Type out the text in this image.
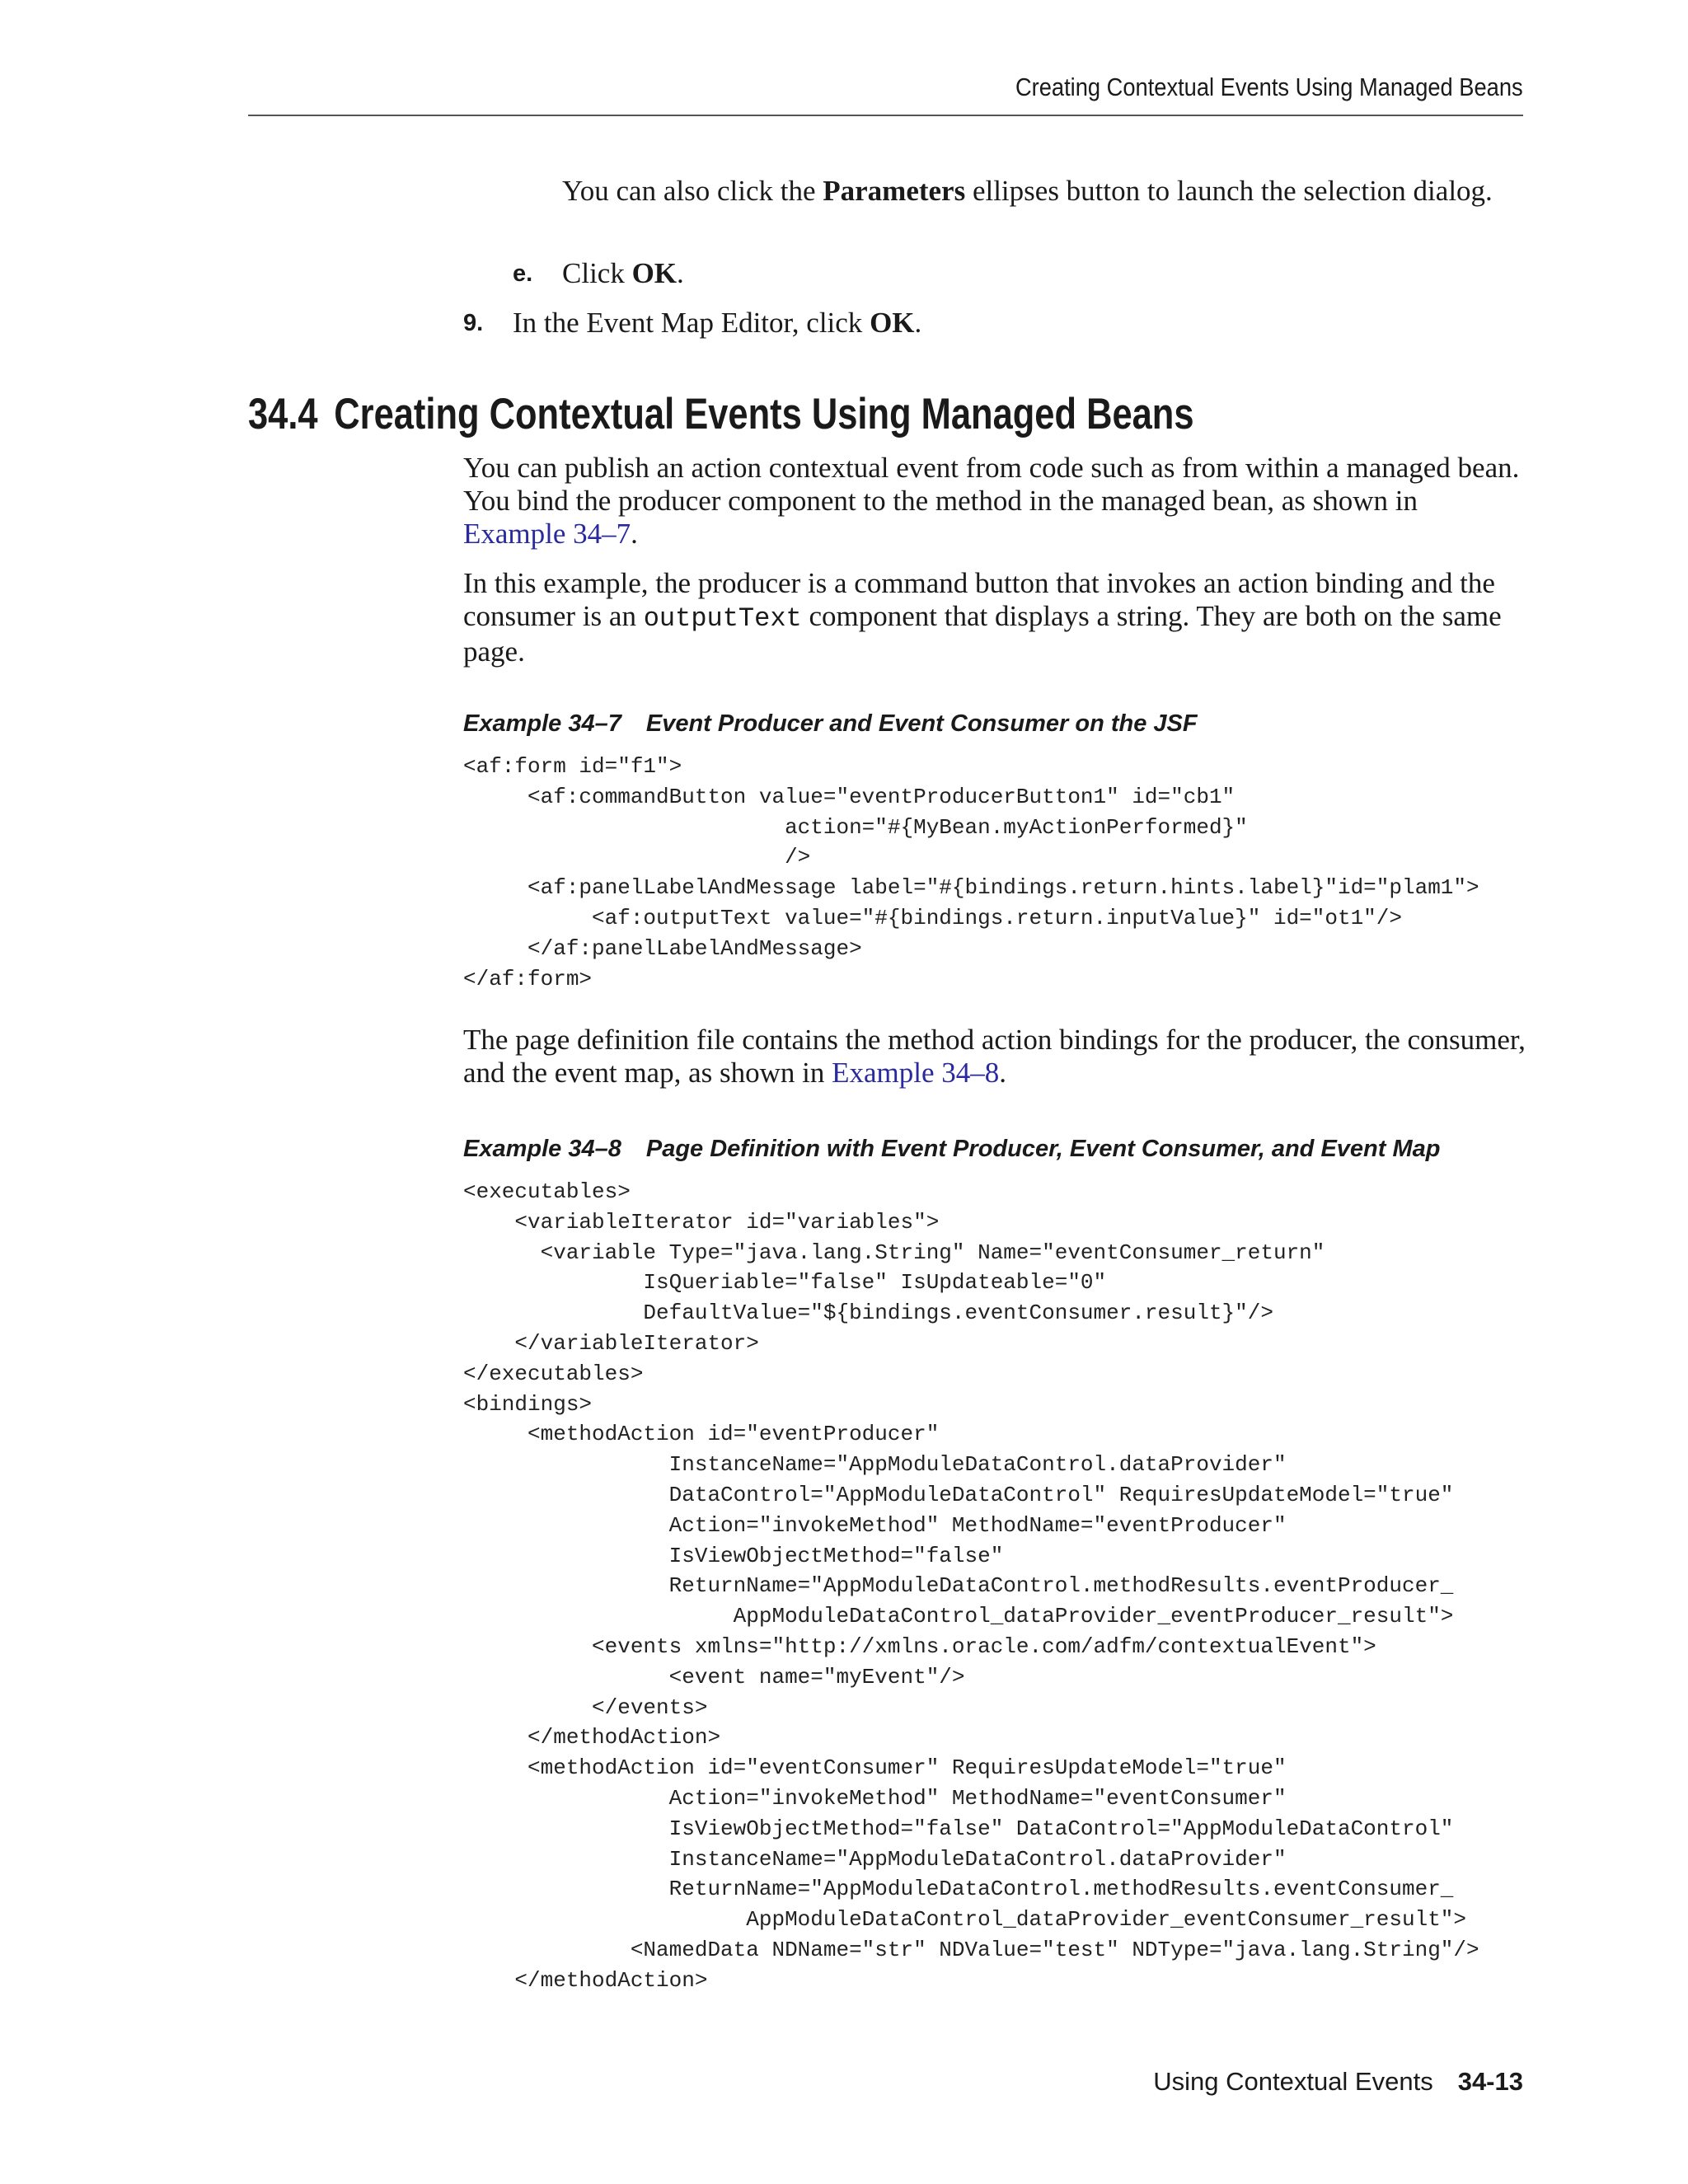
Creating Contextual Events Using Managed Beans

You can also click the Parameters ellipses button to launch the selection dialog.

e. Click OK.
9. In the Event Map Editor, click OK.
34.4 Creating Contextual Events Using Managed Beans

You can publish an action contextual event from code such as from within a managed bean. You bind the producer component to the method in the managed bean, as shown in Example 34–7.

In this example, the producer is a command button that invokes an action binding and the consumer is an outputText component that displays a string. They are both on the same page.

Example 34–7 Event Producer and Event Consumer on the JSF
<af:form id="f1">
<af:commandButton value="eventProducerButton1" id="cb1"
action="#{MyBean.myActionPerformed}"
/>
<af:panelLabelAndMessage label="#{bindings.return.hints.label}"id="plam1">
<af:outputText value="#{bindings.return.inputValue}" id="ot1"/>
</af:panelLabelAndMessage>
</af:form>

The page definition file contains the method action bindings for the producer, the consumer, and the event map, as shown in Example 34–8.

Example 34–8 Page Definition with Event Producer, Event Consumer, and Event Map
<executables>
<variableIterator id="variables">
<variable Type="java.lang.String" Name="eventConsumer_return"
IsQueriable="false" IsUpdateable="0"
DefaultValue="${bindings.eventConsumer.result}"/>
</variableIterator>
</executables>
<bindings>
<methodAction id="eventProducer"
InstanceName="AppModuleDataControl.dataProvider"
DataControl="AppModuleDataControl" RequiresUpdateModel="true"
Action="invokeMethod" MethodName="eventProducer"
IsViewObjectMethod="false"
ReturnName="AppModuleDataControl.methodResults.eventProducer_
AppModuleDataControl_dataProvider_eventProducer_result">
<events xmlns="http://xmlns.oracle.com/adfm/contextualEvent">
<event name="myEvent"/>
</events>
</methodAction>
<methodAction id="eventConsumer" RequiresUpdateModel="true"
Action="invokeMethod" MethodName="eventConsumer"
IsViewObjectMethod="false" DataControl="AppModuleDataControl"
InstanceName="AppModuleDataControl.dataProvider"
ReturnName="AppModuleDataControl.methodResults.eventConsumer_
AppModuleDataControl_dataProvider_eventConsumer_result">
<NamedData NDName="str" NDValue="test" NDType="java.lang.String"/>
</methodAction>
Using Contextual Events 34-13
